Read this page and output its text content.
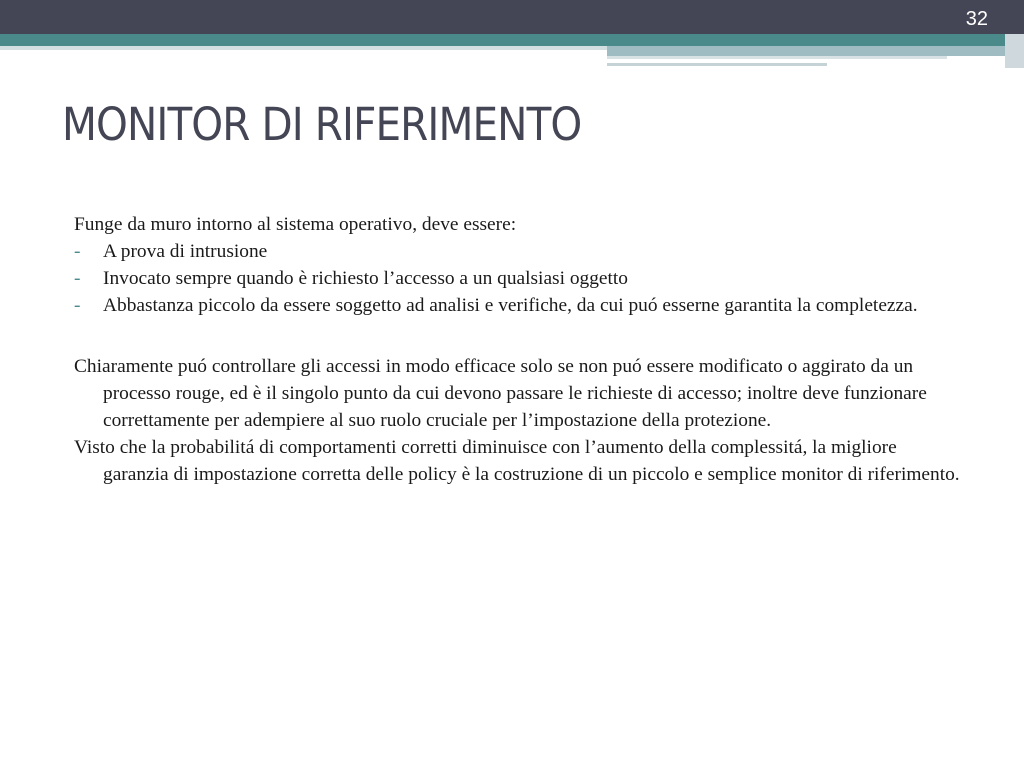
32
MONITOR DI RIFERIMENTO

Funge da muro intorno al sistema operativo, deve essere:

- A prova di intrusione
- Invocato sempre quando è richiesto l’accesso a un qualsiasi oggetto
- Abbastanza piccolo da essere soggetto ad analisi e verifiche, da cui puó esserne garantita la completezza.

Chiaramente puó controllare gli accessi in modo efficace solo se non puó essere modificato o aggirato da un processo rouge, ed è il singolo punto da cui devono passare le richieste di accesso; inoltre deve funzionare correttamente per adempiere al suo ruolo cruciale per l’impostazione della protezione.

Visto che la probabilitá di comportamenti corretti diminuisce con l’aumento della complessitá, la migliore garanzia di impostazione corretta delle policy è la costruzione di un piccolo e semplice monitor di riferimento.
